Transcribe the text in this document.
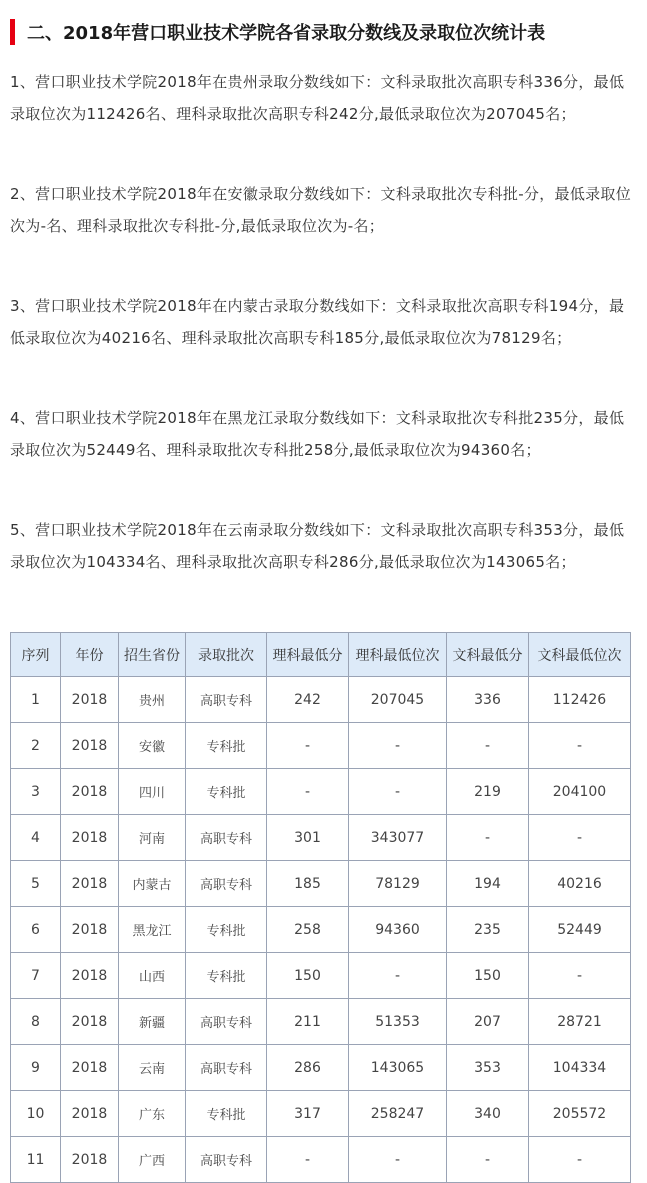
二、2018年营口职业技术学院各省录取分数线及录取位次统计表

1、营口职业技术学院2018年在贵州录取分数线如下：文科录取批次高职专科336分，最低录取位次为112426名、理科录取批次高职专科242分,最低录取位次为207045名；

2、营口职业技术学院2018年在安徽录取分数线如下：文科录取批次专科批-分，最低录取位次为-名、理科录取批次专科批-分,最低录取位次为-名；

3、营口职业技术学院2018年在内蒙古录取分数线如下：文科录取批次高职专科194分，最低录取位次为40216名、理科录取批次高职专科185分,最低录取位次为78129名；

4、营口职业技术学院2018年在黑龙江录取分数线如下：文科录取批次专科批235分，最低录取位次为52449名、理科录取批次专科批258分,最低录取位次为94360名；

5、营口职业技术学院2018年在云南录取分数线如下：文科录取批次高职专科353分，最低录取位次为104334名、理科录取批次高职专科286分,最低录取位次为143065名；

序列	年份	招生省份	录取批次	理科最低分	理科最低位次	文科最低分	文科最低位次
1	2018	贵州	高职专科	242	207045	336	112426
2	2018	安徽	专科批	-	-	-	-
3	2018	四川	专科批	-	-	219	204100
4	2018	河南	高职专科	301	343077	-	-
5	2018	内蒙古	高职专科	185	78129	194	40216
6	2018	黑龙江	专科批	258	94360	235	52449
7	2018	山西	专科批	150	-	150	-
8	2018	新疆	高职专科	211	51353	207	28721
9	2018	云南	高职专科	286	143065	353	104334
10	2018	广东	专科批	317	258247	340	205572
11	2018	广西	高职专科	-	-	-	-
